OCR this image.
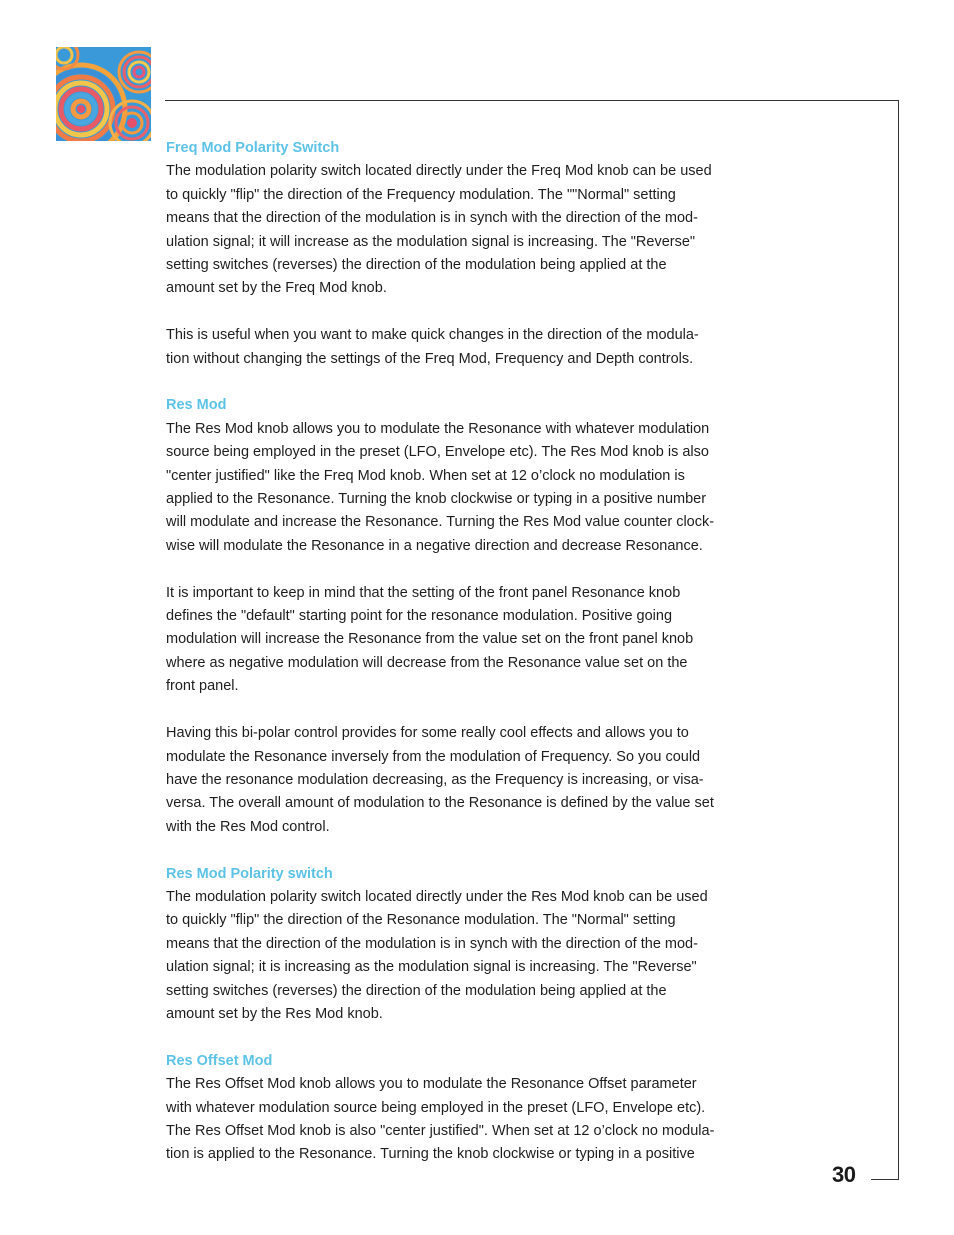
30
Freq Mod Polarity Switch

The modulation polarity switch located directly under the Freq Mod knob can be used
to quickly "flip" the direction of the Frequency modulation. The ""Normal" setting
means that the direction of the modulation is in synch with the direction of the mod-
ulation signal; it will increase as the modulation signal is increasing. The "Reverse"
setting switches (reverses) the direction of the modulation being applied at the
amount set by the Freq Mod knob.

This is useful when you want to make quick changes in the direction of the modula-
tion without changing the settings of the Freq Mod, Frequency and Depth controls.

Res Mod

The Res Mod knob allows you to modulate the Resonance with whatever modulation
source being employed in the preset (LFO, Envelope etc). The Res Mod knob is also
"center justified" like the Freq Mod knob. When set at 12 o’clock no modulation is
applied to the Resonance. Turning the knob clockwise or typing in a positive number
will modulate and increase the Resonance. Turning the Res Mod value counter clock-
wise will modulate the Resonance in a negative direction and decrease Resonance.

It is important to keep in mind that the setting of the front panel Resonance knob
defines the "default" starting point for the resonance modulation. Positive going
modulation will increase the Resonance from the value set on the front panel knob
where as negative modulation will decrease from the Resonance value set on the
front panel.

Having this bi-polar control provides for some really cool effects and allows you to
modulate the Resonance inversely from the modulation of Frequency. So you could
have the resonance modulation decreasing, as the Frequency is increasing, or visa-
versa. The overall amount of modulation to the Resonance is defined by the value set
with the Res Mod control.

Res Mod Polarity switch

The modulation polarity switch located directly under the Res Mod knob can be used
to quickly "flip" the direction of the Resonance modulation. The "Normal" setting
means that the direction of the modulation is in synch with the direction of the mod-
ulation signal; it is increasing as the modulation signal is increasing. The "Reverse"
setting switches (reverses) the direction of the modulation being applied at the
amount set by the Res Mod knob.

Res Offset Mod

The Res Offset Mod knob allows you to modulate the Resonance Offset parameter
with whatever modulation source being employed in the preset (LFO, Envelope etc).
The Res Offset Mod knob is also "center justified". When set at 12 o’clock no modula-
tion is applied to the Resonance. Turning the knob clockwise or typing in a positive
